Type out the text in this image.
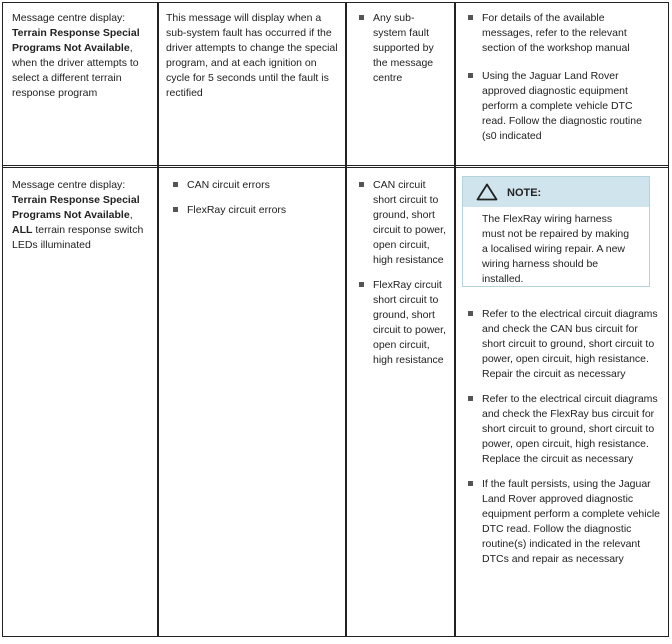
Message centre display: Terrain Response Special Programs Not Available, when the driver attempts to select a different terrain response program

This message will display when a sub-system fault has occurred if the driver attempts to change the special program, and at each ignition on cycle for 5 seconds until the fault is rectified

Any sub-system fault supported by the message centre

For details of the available messages, refer to the relevant section of the workshop manual

Using the Jaguar Land Rover approved diagnostic equipment perform a complete vehicle DTC read. Follow the diagnostic routine (s0 indicated

Message centre display: Terrain Response Special Programs Not Available, ALL terrain response switch LEDs illuminated

CAN circuit errors

FlexRay circuit errors

CAN circuit short circuit to ground, short circuit to power, open circuit, high resistance

FlexRay circuit short circuit to ground, short circuit to power, open circuit, high resistance

NOTE:

The FlexRay wiring harness must not be repaired by making a localised wiring repair. A new wiring harness should be installed.

Refer to the electrical circuit diagrams and check the CAN bus circuit for short circuit to ground, short circuit to power, open circuit, high resistance. Repair the circuit as necessary

Refer to the electrical circuit diagrams and check the FlexRay bus circuit for short circuit to ground, short circuit to power, open circuit, high resistance. Replace the circuit as necessary

If the fault persists, using the Jaguar Land Rover approved diagnostic equipment perform a complete vehicle DTC read. Follow the diagnostic routine(s) indicated in the relevant DTCs and repair as necessary
